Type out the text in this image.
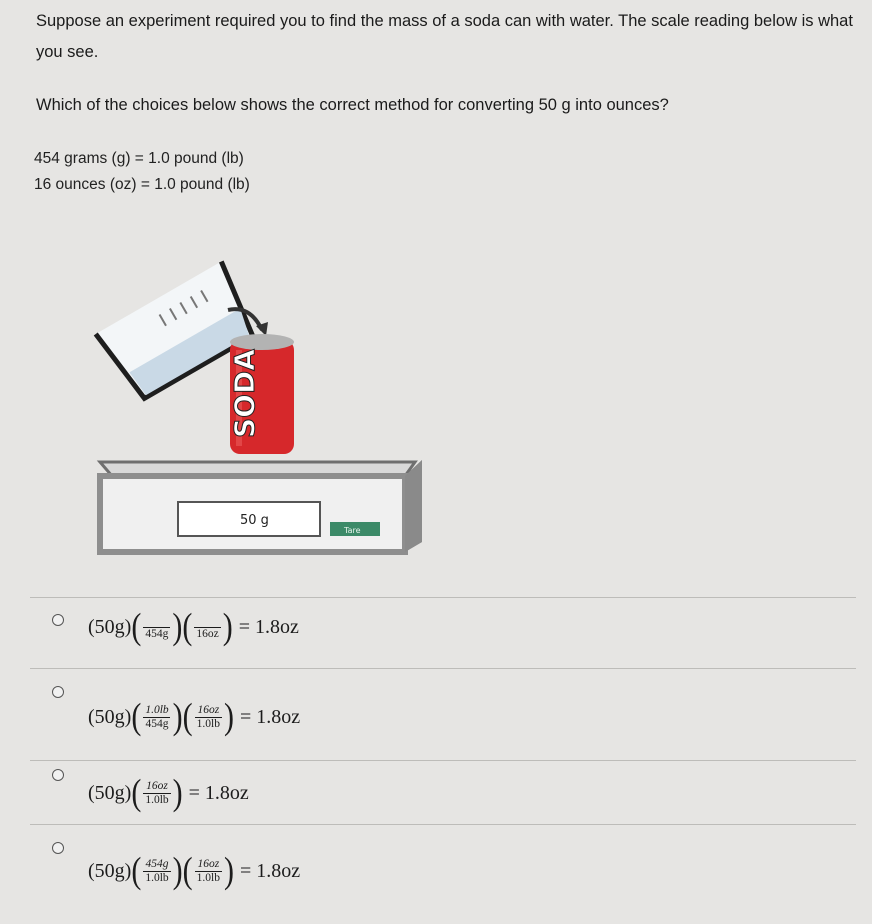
Suppose an experiment required you to find the mass of a soda can with water. The scale reading below is what you see.
Which of the choices below shows the correct method for converting 50 g into ounces?
454 grams (g) = 1.0 pound (lb)
16 ounces (oz) = 1.0 pound (lb)
SODA
50 g
Tare
(50g) (
454g ) (
16oz ) = 1.8oz
(50g) ( $\frac{1.0lb}{454g}$ ) ( $\frac{16oz}{1.0lb}$ ) = 1.8oz
(50g) ( $\frac{16oz}{1.0lb}$ ) = 1.8oz
(50g) ( $\frac{454g}{1.0lb}$ ) ( $\frac{16oz}{1.0lb}$ ) = 1.8oz
